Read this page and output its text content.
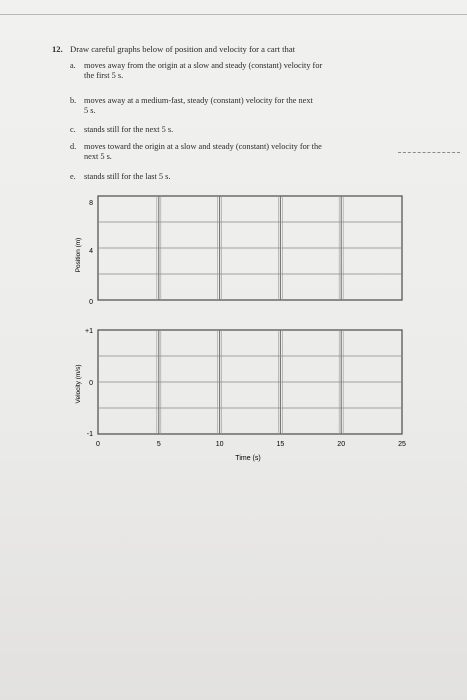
12. Draw careful graphs below of position and velocity for a cart that
a. moves away from the origin at a slow and steady (constant) velocity for
the first 5 s.
b. moves away at a medium-fast, steady (constant) velocity for the next
5 s.
c. stands still for the next 5 s.
d. moves toward the origin at a slow and steady (constant) velocity for the
next 5 s.
e. stands still for the last 5 s.
8
4
0
Position (m)
+1
0
-1
Velocity (m/s)
0	5	10	15	20	25
Time (s)
